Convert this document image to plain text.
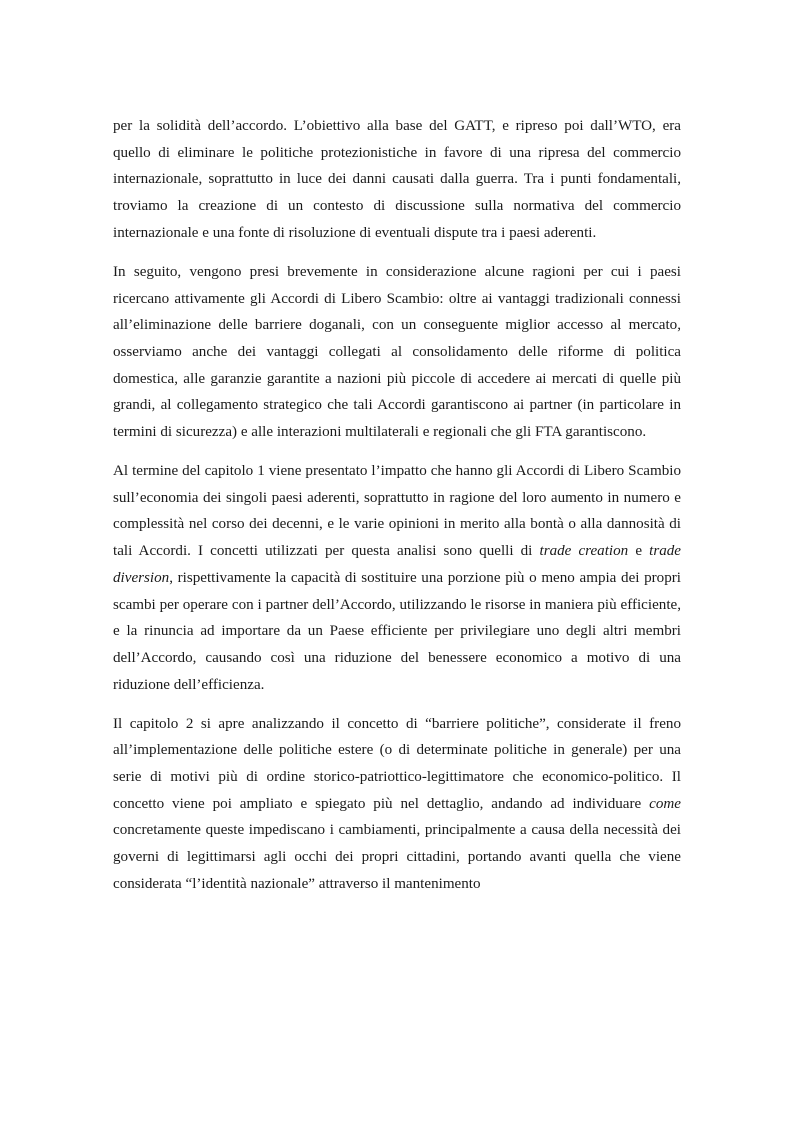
per la solidità dell’accordo. L’obiettivo alla base del GATT, e ripreso poi dall’WTO, era quello di eliminare le politiche protezionistiche in favore di una ripresa del commercio internazionale, soprattutto in luce dei danni causati dalla guerra. Tra i punti fondamentali, troviamo la creazione di un contesto di discussione sulla normativa del commercio internazionale e una fonte di risoluzione di eventuali dispute tra i paesi aderenti.

In seguito, vengono presi brevemente in considerazione alcune ragioni per cui i paesi ricercano attivamente gli Accordi di Libero Scambio: oltre ai vantaggi tradizionali connessi all’eliminazione delle barriere doganali, con un conseguente miglior accesso al mercato, osserviamo anche dei vantaggi collegati al consolidamento delle riforme di politica domestica, alle garanzie garantite a nazioni più piccole di accedere ai mercati di quelle più grandi, al collegamento strategico che tali Accordi garantiscono ai partner (in particolare in termini di sicurezza) e alle interazioni multilaterali e regionali che gli FTA garantiscono.

Al termine del capitolo 1 viene presentato l’impatto che hanno gli Accordi di Libero Scambio sull’economia dei singoli paesi aderenti, soprattutto in ragione del loro aumento in numero e complessità nel corso dei decenni, e le varie opinioni in merito alla bontà o alla dannosità di tali Accordi. I concetti utilizzati per questa analisi sono quelli di trade creation e trade diversion, rispettivamente la capacità di sostituire una porzione più o meno ampia dei propri scambi per operare con i partner dell’Accordo, utilizzando le risorse in maniera più efficiente, e la rinuncia ad importare da un Paese efficiente per privilegiare uno degli altri membri dell’Accordo, causando così una riduzione del benessere economico a motivo di una riduzione dell’efficienza.

Il capitolo 2 si apre analizzando il concetto di “barriere politiche”, considerate il freno all’implementazione delle politiche estere (o di determinate politiche in generale) per una serie di motivi più di ordine storico-patriottico-legittimatore che economico-politico. Il concetto viene poi ampliato e spiegato più nel dettaglio, andando ad individuare come concretamente queste impediscano i cambiamenti, principalmente a causa della necessità dei governi di legittimarsi agli occhi dei propri cittadini, portando avanti quella che viene considerata “l’identità nazionale” attraverso il mantenimento
